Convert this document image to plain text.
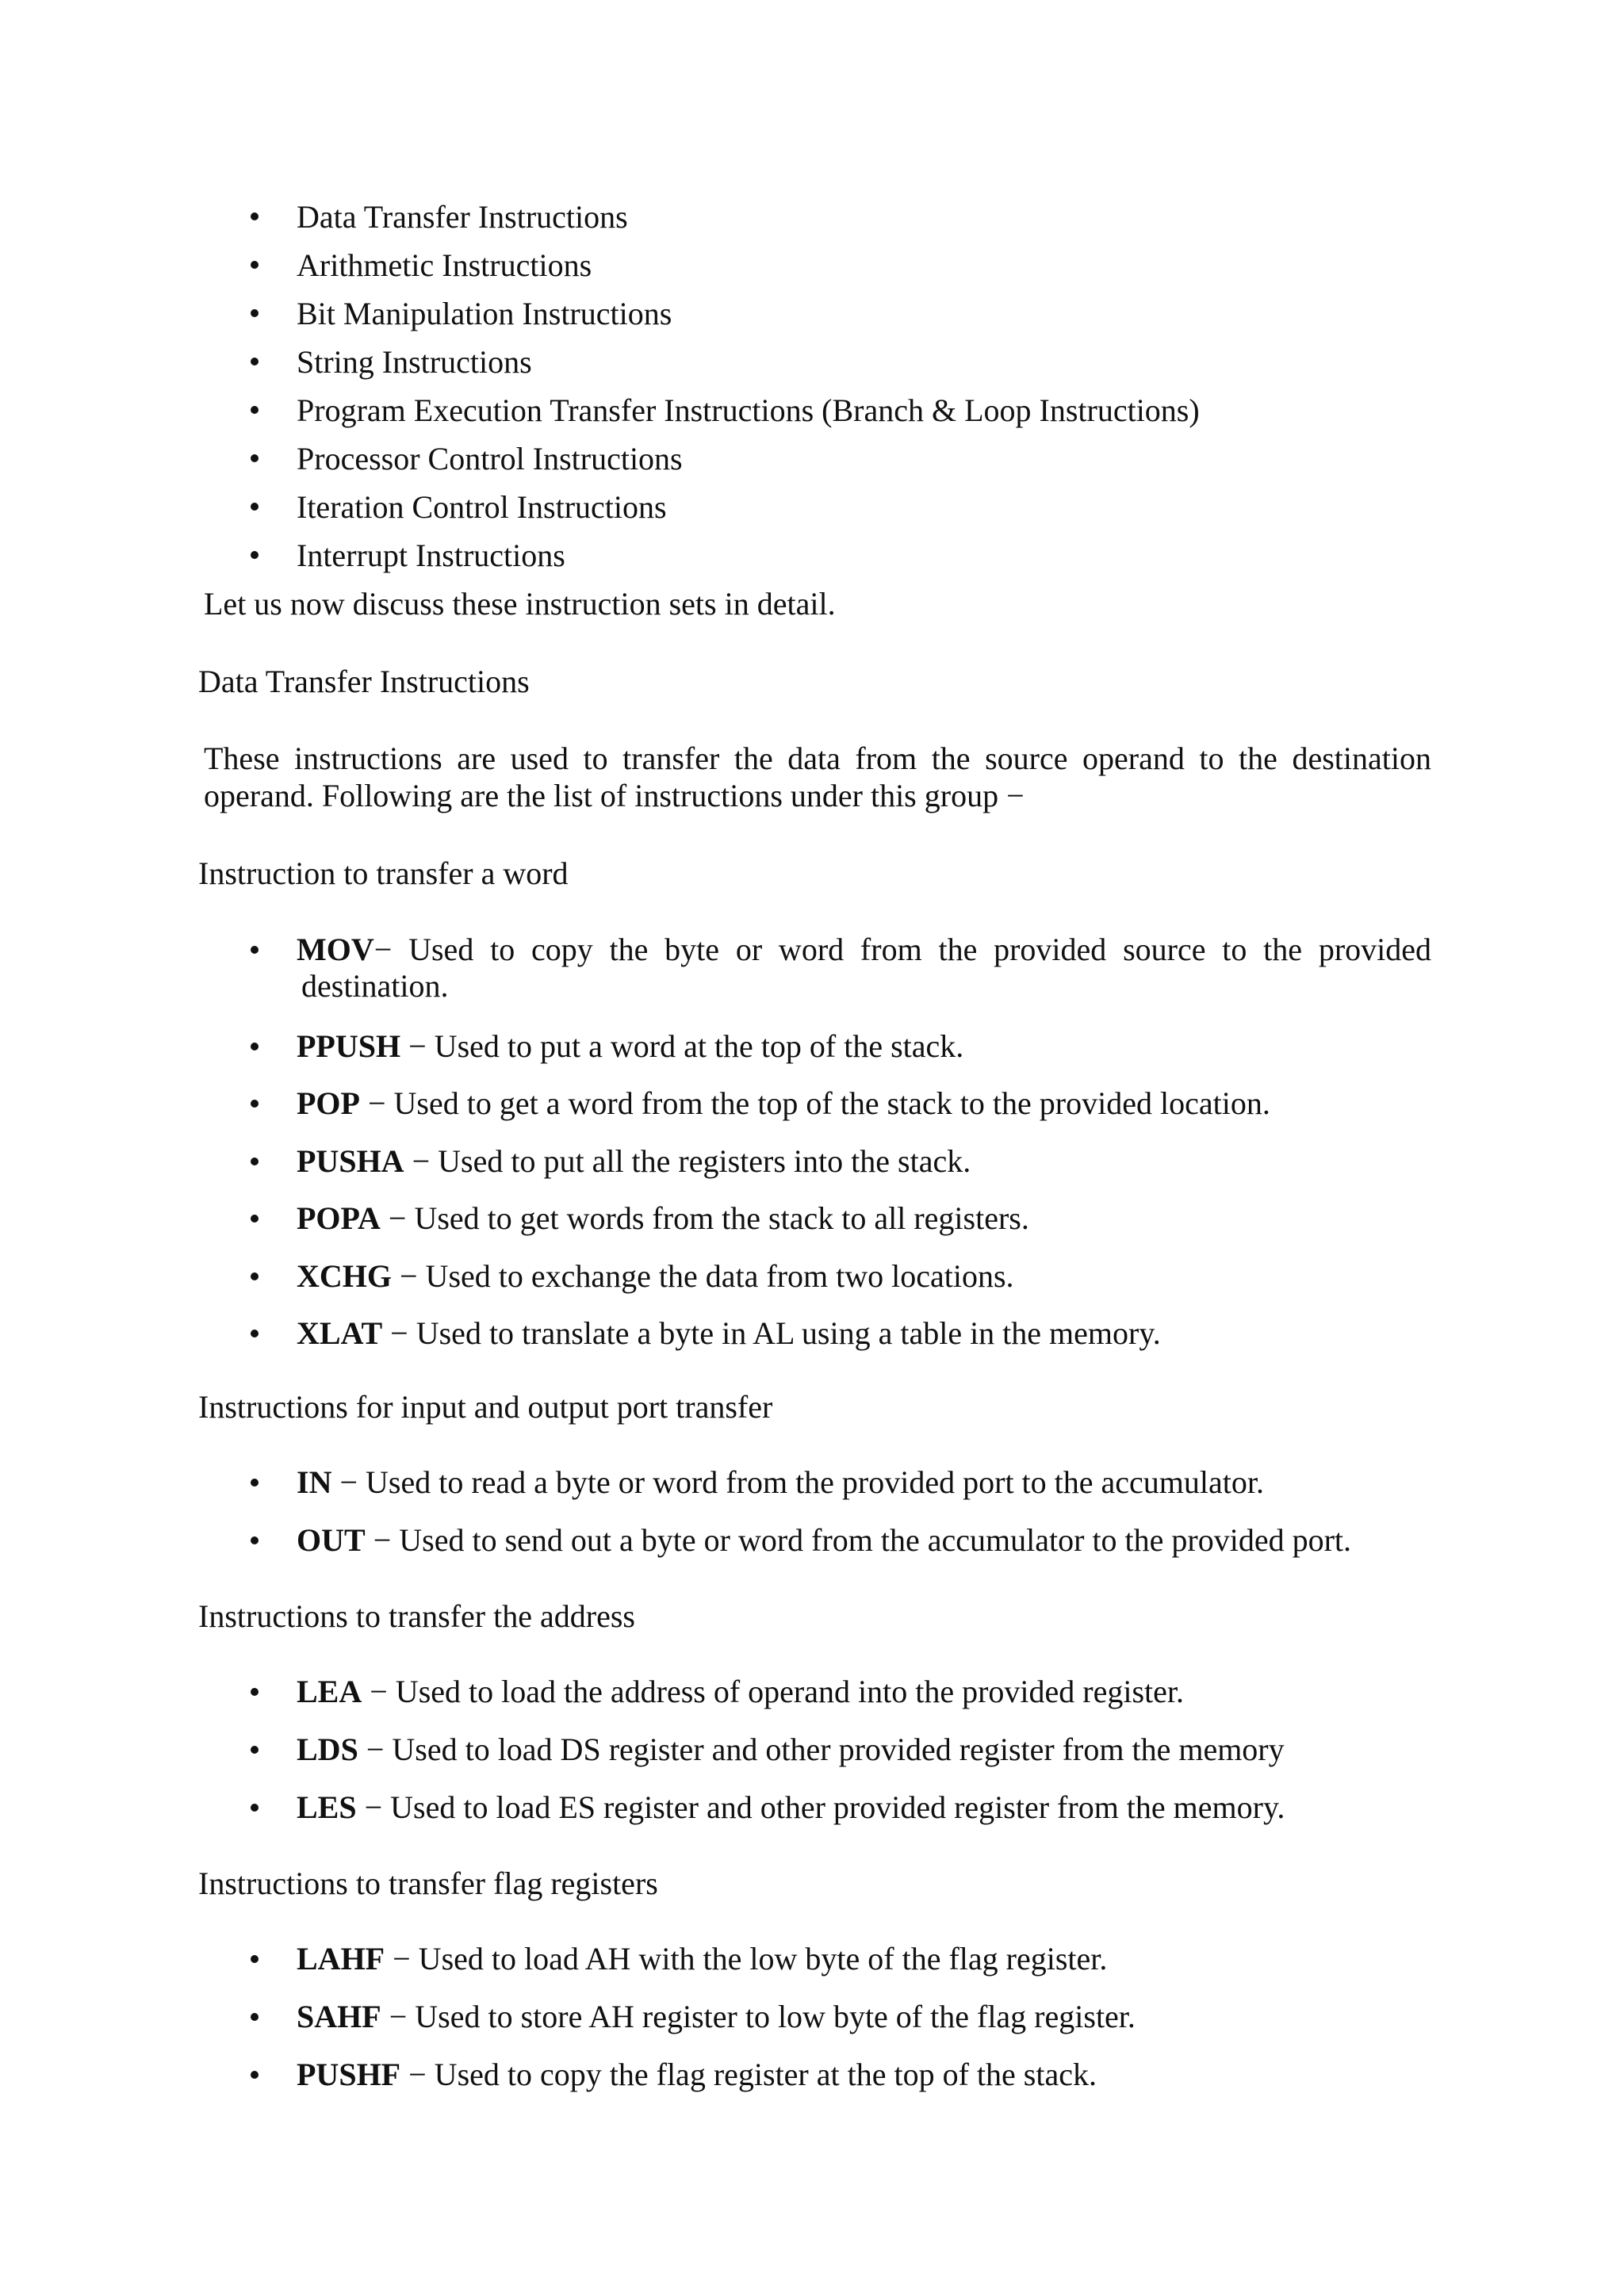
Data Transfer Instructions
Arithmetic Instructions
Bit Manipulation Instructions
String Instructions
Program Execution Transfer Instructions (Branch & Loop Instructions)
Processor Control Instructions
Iteration Control Instructions
Interrupt Instructions
Let us now discuss these instruction sets in detail.
Data Transfer Instructions
These instructions are used to transfer the data from the source operand to the destination
operand. Following are the list of instructions under this group −
Instruction to transfer a word
MOV− Used to copy the byte or word from the provided source to the provided
destination.
PPUSH − Used to put a word at the top of the stack.
POP − Used to get a word from the top of the stack to the provided location.
PUSHA − Used to put all the registers into the stack.
POPA − Used to get words from the stack to all registers.
XCHG − Used to exchange the data from two locations.
XLAT − Used to translate a byte in AL using a table in the memory.
Instructions for input and output port transfer
IN − Used to read a byte or word from the provided port to the accumulator.
OUT − Used to send out a byte or word from the accumulator to the provided port.
Instructions to transfer the address
LEA − Used to load the address of operand into the provided register.
LDS − Used to load DS register and other provided register from the memory
LES − Used to load ES register and other provided register from the memory.
Instructions to transfer flag registers
LAHF − Used to load AH with the low byte of the flag register.
SAHF − Used to store AH register to low byte of the flag register.
PUSHF − Used to copy the flag register at the top of the stack.
